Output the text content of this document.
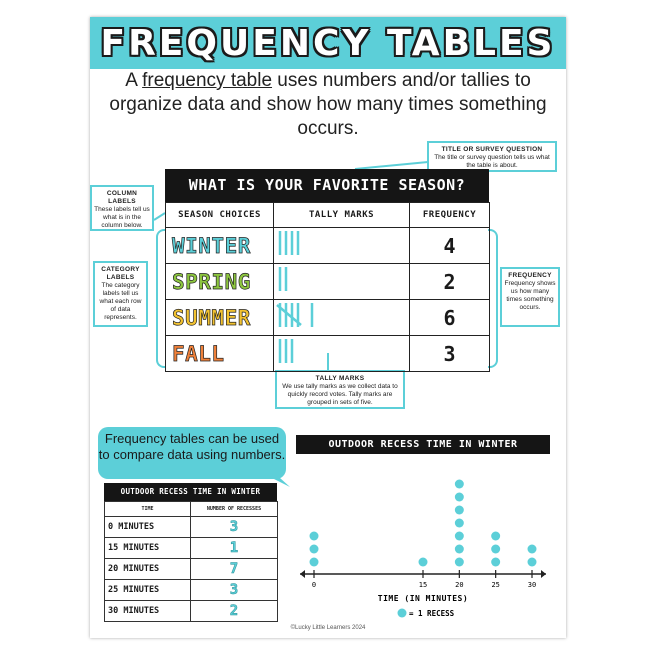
FREQUENCY TABLES
A frequency table uses numbers and/or tallies to organize data and show how many times something occurs.
TITLE OR SURVEY QUESTION
The title or survey question tells us what the table is about.
COLUMN LABELS
These labels tell us what is in the column below.
CATEGORY LABELS
The category labels tell us what each row of data represents.
FREQUENCY
Frequency shows us how many times something occurs.
TALLY MARKS
We use tally marks as we collect data to quickly record votes. Tally marks are grouped in sets of five.
WHAT IS YOUR FAVORITE SEASON?
SEASON CHOICES	TALLY MARKS	FREQUENCY
WINTER		4
SPRING		2
SUMMER		6
FALL		3
Frequency tables can be used to compare data using numbers.
OUTDOOR RECESS TIME IN WINTER
TIME	NUMBER OF RECESSES
0 MINUTES	3
15 MINUTES	1
20 MINUTES	7
25 MINUTES	3
30 MINUTES	2
OUTDOOR RECESS TIME IN WINTER
0	15	20	25	30
TIME (IN MINUTES)
= 1 RECESS
©Lucky Little Learners 2024
